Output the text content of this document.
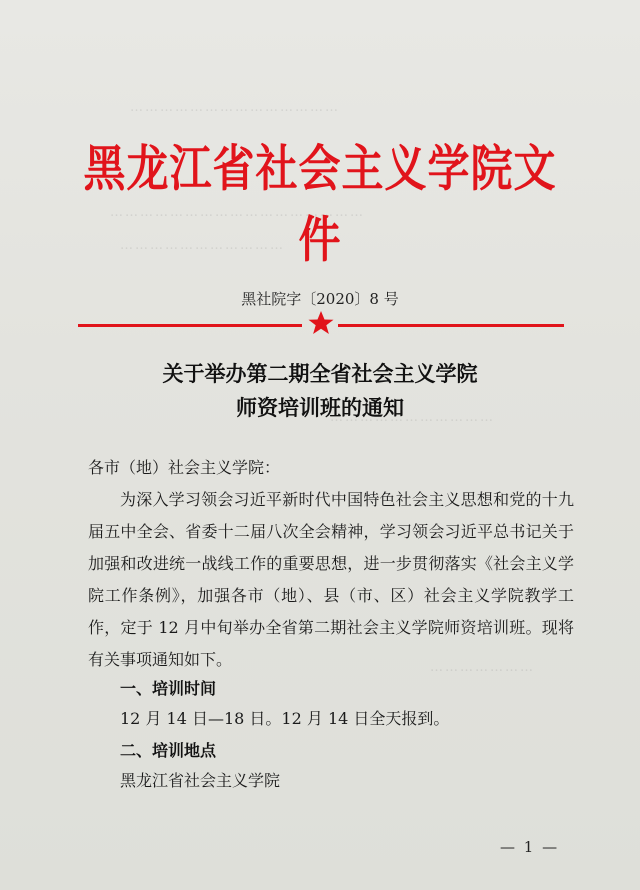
……………………………………
……………………………………………
……………………………
……………………………
…………………
黑龙江省社会主义学院文件
黑社院字〔2020〕8 号
关于举办第二期全省社会主义学院
师资培训班的通知
各市（地）社会主义学院：
为深入学习领会习近平新时代中国特色社会主义思想和党的十九届五中全会、省委十二届八次全会精神，学习领会习近平总书记关于加强和改进统一战线工作的重要思想，进一步贯彻落实《社会主义学院工作条例》，加强各市（地）、县（市、区）社会主义学院教学工作，定于 12 月中旬举办全省第二期社会主义学院师资培训班。现将有关事项通知如下。
一、培训时间
12 月 14 日—18 日。12 月 14 日全天报到。
二、培训地点
黑龙江省社会主义学院
— 1 —
